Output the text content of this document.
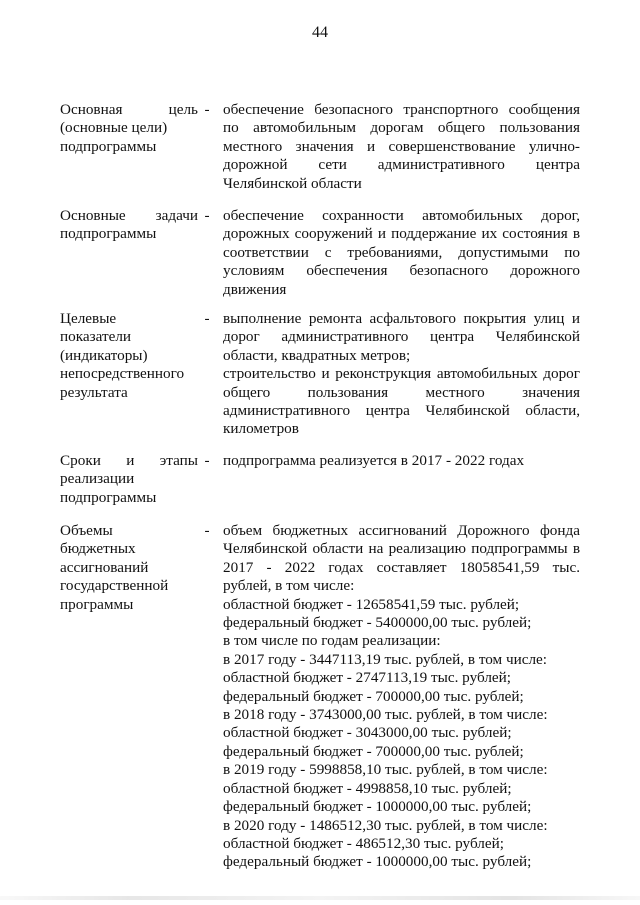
44
Основная цель
(основные цели)
подпрограммы
- обеспечение безопасного транспортного сообщения
по автомобильным дорогам общего пользования
местного значения и совершенствование улично-
дорожной сети административного центра
Челябинской области
Основные задачи
подпрограммы
- обеспечение сохранности автомобильных дорог,
дорожных сооружений и поддержание их состояния в
соответствии с требованиями, допустимыми по
условиям обеспечения безопасного дорожного
движения
Целевые
показатели
(индикаторы)
непосредственного
результата
- выполнение ремонта асфальтового покрытия улиц и
дорог административного центра Челябинской
области, квадратных метров;
строительство и реконструкция автомобильных дорог
общего пользования местного значения
административного центра Челябинской области,
километров
Сроки и этапы
реализации
подпрограммы
- подпрограмма реализуется в 2017 - 2022 годах
Объемы
бюджетных
ассигнований
государственной
программы
- объем бюджетных ассигнований Дорожного фонда
Челябинской области на реализацию подпрограммы в
2017 - 2022 годах составляет 18058541,59 тыс.
рублей, в том числе:
областной бюджет - 12658541,59 тыс. рублей;
федеральный бюджет - 5400000,00 тыс. рублей;
в том числе по годам реализации:
в 2017 году - 3447113,19 тыс. рублей, в том числе:
областной бюджет - 2747113,19 тыс. рублей;
федеральный бюджет - 700000,00 тыс. рублей;
в 2018 году - 3743000,00 тыс. рублей, в том числе:
областной бюджет - 3043000,00 тыс. рублей;
федеральный бюджет - 700000,00 тыс. рублей;
в 2019 году - 5998858,10 тыс. рублей, в том числе:
областной бюджет - 4998858,10 тыс. рублей;
федеральный бюджет - 1000000,00 тыс. рублей;
в 2020 году - 1486512,30 тыс. рублей, в том числе:
областной бюджет - 486512,30 тыс. рублей;
федеральный бюджет - 1000000,00 тыс. рублей;
